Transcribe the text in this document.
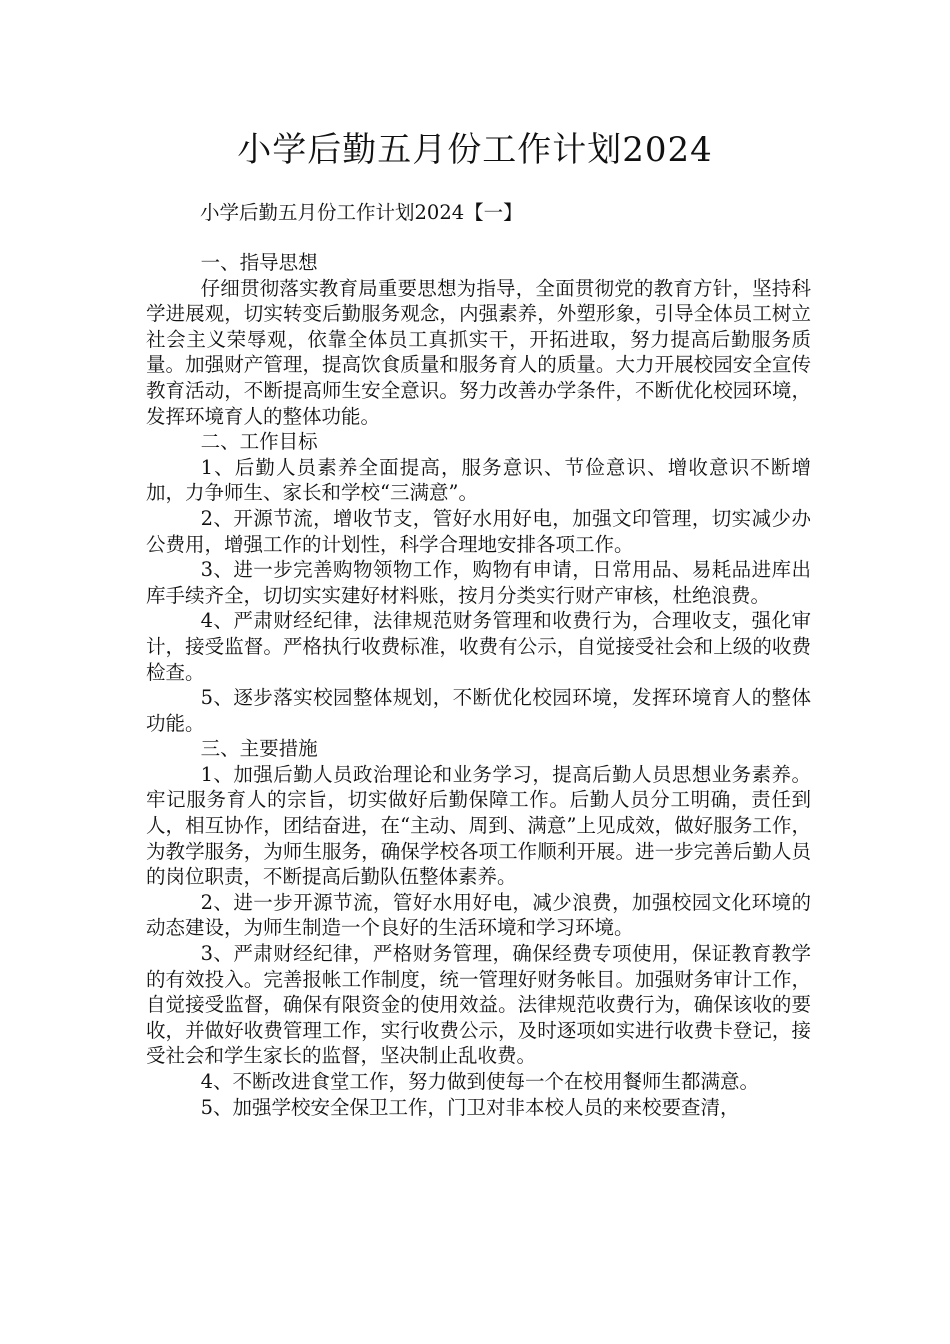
小学后勤五月份工作计划2024

小学后勤五月份工作计划2024【一】

一、指导思想

仔细贯彻落实教育局重要思想为指导，全面贯彻党的教育方针，坚持科学进展观，切实转变后勤服务观念，内强素养，外塑形象，引导全体员工树立社会主义荣辱观，依靠全体员工真抓实干，开拓进取，努力提高后勤服务质量。加强财产管理，提高饮食质量和服务育人的质量。大力开展校园安全宣传教育活动，不断提高师生安全意识。努力改善办学条件，不断优化校园环境，发挥环境育人的整体功能。

二、工作目标

1、后勤人员素养全面提高，服务意识、节俭意识、增收意识不断增加，力争师生、家长和学校“三满意”。

2、开源节流，增收节支，管好水用好电，加强文印管理，切实减少办公费用，增强工作的计划性，科学合理地安排各项工作。

3、进一步完善购物领物工作，购物有申请，日常用品、易耗品进库出库手续齐全，切切实实建好材料账，按月分类实行财产审核，杜绝浪费。

4、严肃财经纪律，法律规范财务管理和收费行为，合理收支，强化审计，接受监督。严格执行收费标准，收费有公示，自觉接受社会和上级的收费检查。

5、逐步落实校园整体规划，不断优化校园环境，发挥环境育人的整体功能。

三、主要措施

1、加强后勤人员政治理论和业务学习，提高后勤人员思想业务素养。牢记服务育人的宗旨，切实做好后勤保障工作。后勤人员分工明确，责任到人，相互协作，团结奋进，在“主动、周到、满意”上见成效，做好服务工作，为教学服务，为师生服务，确保学校各项工作顺利开展。进一步完善后勤人员的岗位职责，不断提高后勤队伍整体素养。

2、进一步开源节流，管好水用好电，减少浪费，加强校园文化环境的动态建设，为师生制造一个良好的生活环境和学习环境。

3、严肃财经纪律，严格财务管理，确保经费专项使用，保证教育教学的有效投入。完善报帐工作制度，统一管理好财务帐目。加强财务审计工作，自觉接受监督，确保有限资金的使用效益。法律规范收费行为，确保该收的要收，并做好收费管理工作，实行收费公示，及时逐项如实进行收费卡登记，接受社会和学生家长的监督，坚决制止乱收费。

4、不断改进食堂工作，努力做到使每一个在校用餐师生都满意。

5、加强学校安全保卫工作，门卫对非本校人员的来校要查清，
